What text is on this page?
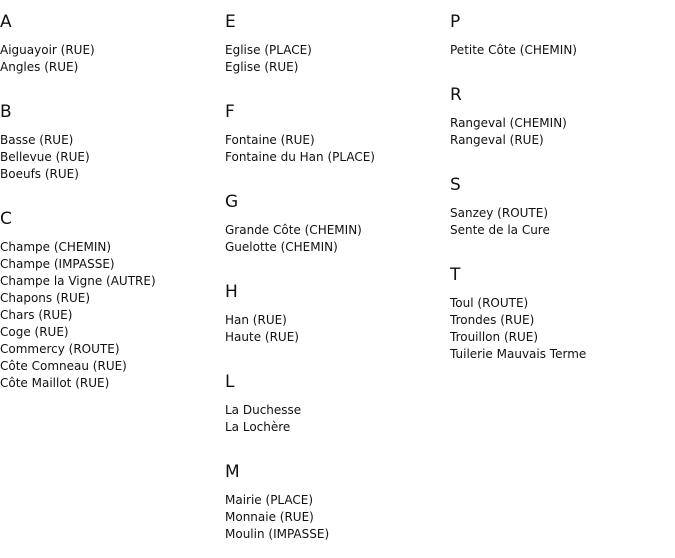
A
Aiguayoir (RUE)
Angles (RUE)
B
Basse (RUE)
Bellevue (RUE)
Boeufs (RUE)
C
Champe (CHEMIN)
Champe (IMPASSE)
Champe la Vigne (AUTRE)
Chapons (RUE)
Chars (RUE)
Coge (RUE)
Commercy (ROUTE)
Côte Comneau (RUE)
Côte Maillot (RUE)
E
Eglise (PLACE)
Eglise (RUE)
F
Fontaine (RUE)
Fontaine du Han (PLACE)
G
Grande Côte (CHEMIN)
Guelotte (CHEMIN)
H
Han (RUE)
Haute (RUE)
L
La Duchesse
La Lochère
M
Mairie (PLACE)
Monnaie (RUE)
Moulin (IMPASSE)
P
Petite Côte (CHEMIN)
R
Rangeval (CHEMIN)
Rangeval (RUE)
S
Sanzey (ROUTE)
Sente de la Cure
T
Toul (ROUTE)
Trondes (RUE)
Trouillon (RUE)
Tuilerie Mauvais Terme
